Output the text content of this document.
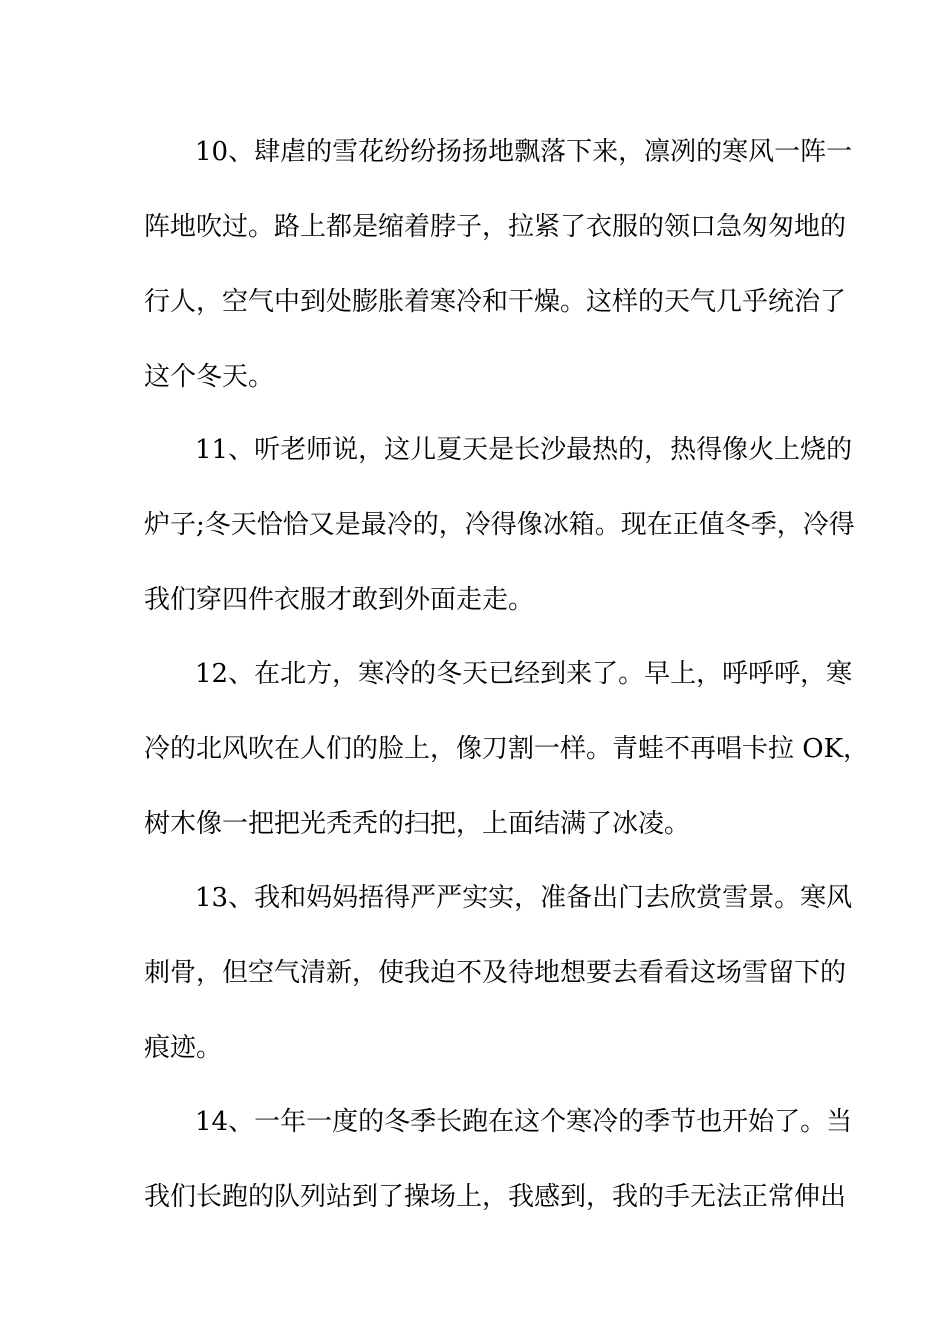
10、肆虐的雪花纷纷扬扬地飘落下来，凛冽的寒风一阵一
阵地吹过。路上都是缩着脖子，拉紧了衣服的领口急匆匆地的
行人，空气中到处膨胀着寒冷和干燥。这样的天气几乎统治了
这个冬天。
11、听老师说，这儿夏天是长沙最热的，热得像火上烧的
炉子;冬天恰恰又是最冷的，冷得像冰箱。现在正值冬季，冷得
我们穿四件衣服才敢到外面走走。
12、在北方，寒冷的冬天已经到来了。早上，呼呼呼，寒
冷的北风吹在人们的脸上，像刀割一样。青蛙不再唱卡拉 OK，
树木像一把把光秃秃的扫把，上面结满了冰凌。
13、我和妈妈捂得严严实实，准备出门去欣赏雪景。寒风
刺骨，但空气清新，使我迫不及待地想要去看看这场雪留下的
痕迹。
14、一年一度的冬季长跑在这个寒冷的季节也开始了。当
我们长跑的队列站到了操场上，我感到，我的手无法正常伸出
